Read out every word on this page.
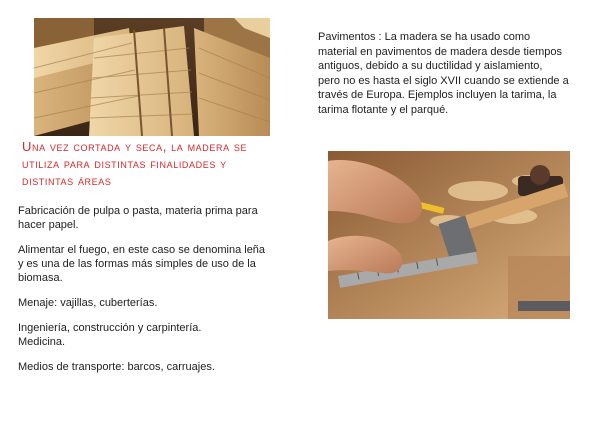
Una vez cortada y seca, la madera se
utiliza para distintas finalidades y
distintas áreas

Fabricación de pulpa o pasta, materia prima para
hacer papel.

Alimentar el fuego, en este caso se denomina leña
y es una de las formas más simples de uso de la
biomasa.

Menaje: vajillas, cuberterías.

Ingeniería, construcción y carpintería.

Medicina.

Medios de transporte: barcos, carruajes.

Pavimentos : La madera se ha usado como
material en pavimentos de madera desde tiempos
antiguos, debido a su ductilidad y aislamiento,
pero no es hasta el siglo XVII cuando se extiende a
través de Europa. Ejemplos incluyen la tarima, la
tarima flotante y el parqué.
